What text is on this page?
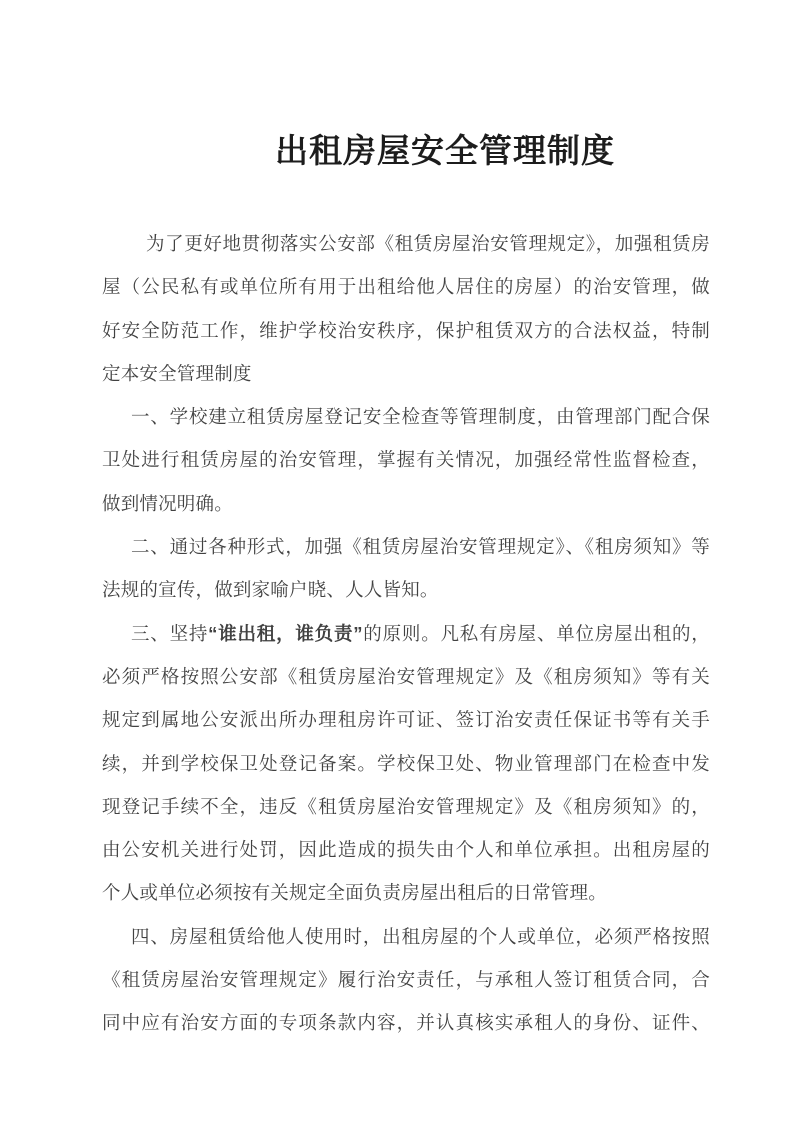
出租房屋安全管理制度
为了更好地贯彻落实公安部《租赁房屋治安管理规定》，加强租赁房
屋（公民私有或单位所有用于出租给他人居住的房屋）的治安管理，做
好安全防范工作，维护学校治安秩序，保护租赁双方的合法权益，特制
定本安全管理制度
一、学校建立租赁房屋登记安全检查等管理制度，由管理部门配合保
卫处进行租赁房屋的治安管理，掌握有关情况，加强经常性监督检查，
做到情况明确。
二、通过各种形式，加强《租赁房屋治安管理规定》、《租房须知》等
法规的宣传，做到家喻户晓、人人皆知。
三、坚持“谁出租，谁负责”的原则。凡私有房屋、单位房屋出租的，
必须严格按照公安部《租赁房屋治安管理规定》及《租房须知》等有关
规定到属地公安派出所办理租房许可证、签订治安责任保证书等有关手
续，并到学校保卫处登记备案。学校保卫处、物业管理部门在检查中发
现登记手续不全，违反《租赁房屋治安管理规定》及《租房须知》的，
由公安机关进行处罚，因此造成的损失由个人和单位承担。出租房屋的
个人或单位必须按有关规定全面负责房屋出租后的日常管理。
四、房屋租赁给他人使用时，出租房屋的个人或单位，必须严格按照
《租赁房屋治安管理规定》履行治安责任，与承租人签订租赁合同，合
同中应有治安方面的专项条款内容，并认真核实承租人的身份、证件、
